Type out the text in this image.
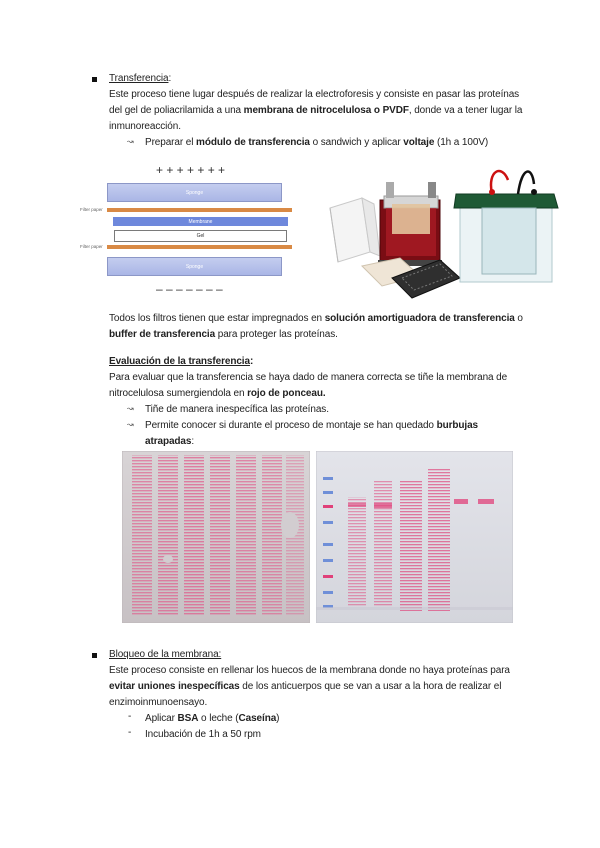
Transferencia:
Este proceso tiene lugar después de realizar la electroforesis y consiste en pasar las proteínas
del gel de poliacrilamida a una membrana de nitrocelulosa o PVDF, donde va a tener lugar la
inmunoreacción.
↝ Preparar el módulo de transferencia o sandwich y aplicar voltaje (1h a 100V)
+ + + + + + +
Sponge
Filter paper
Membrane
Gel
Filter paper
Sponge
– – – – – – –
Todos los filtros tienen que estar impregnados en solución amortiguadora de transferencia o
buffer de transferencia para proteger las proteínas.
Evaluación de la transferencia:
Para evaluar que la transferencia se haya dado de manera correcta se tiñe la membrana de
nitrocelulosa sumergiendola en rojo de ponceau.
↝ Tiñe de manera inespecífica las proteínas.
↝ Permite conocer si durante el proceso de montaje se han quedado burbujas
atrapadas:
Bloqueo de la membrana:
Este proceso consiste en rellenar los huecos de la membrana donde no haya proteínas para
evitar uniones inespecíficas de los anticuerpos que se van a usar a la hora de realizar el
enzimoinmunoensayo.
- Aplicar BSA o leche (Caseína)
- Incubación de 1h a 50 rpm
